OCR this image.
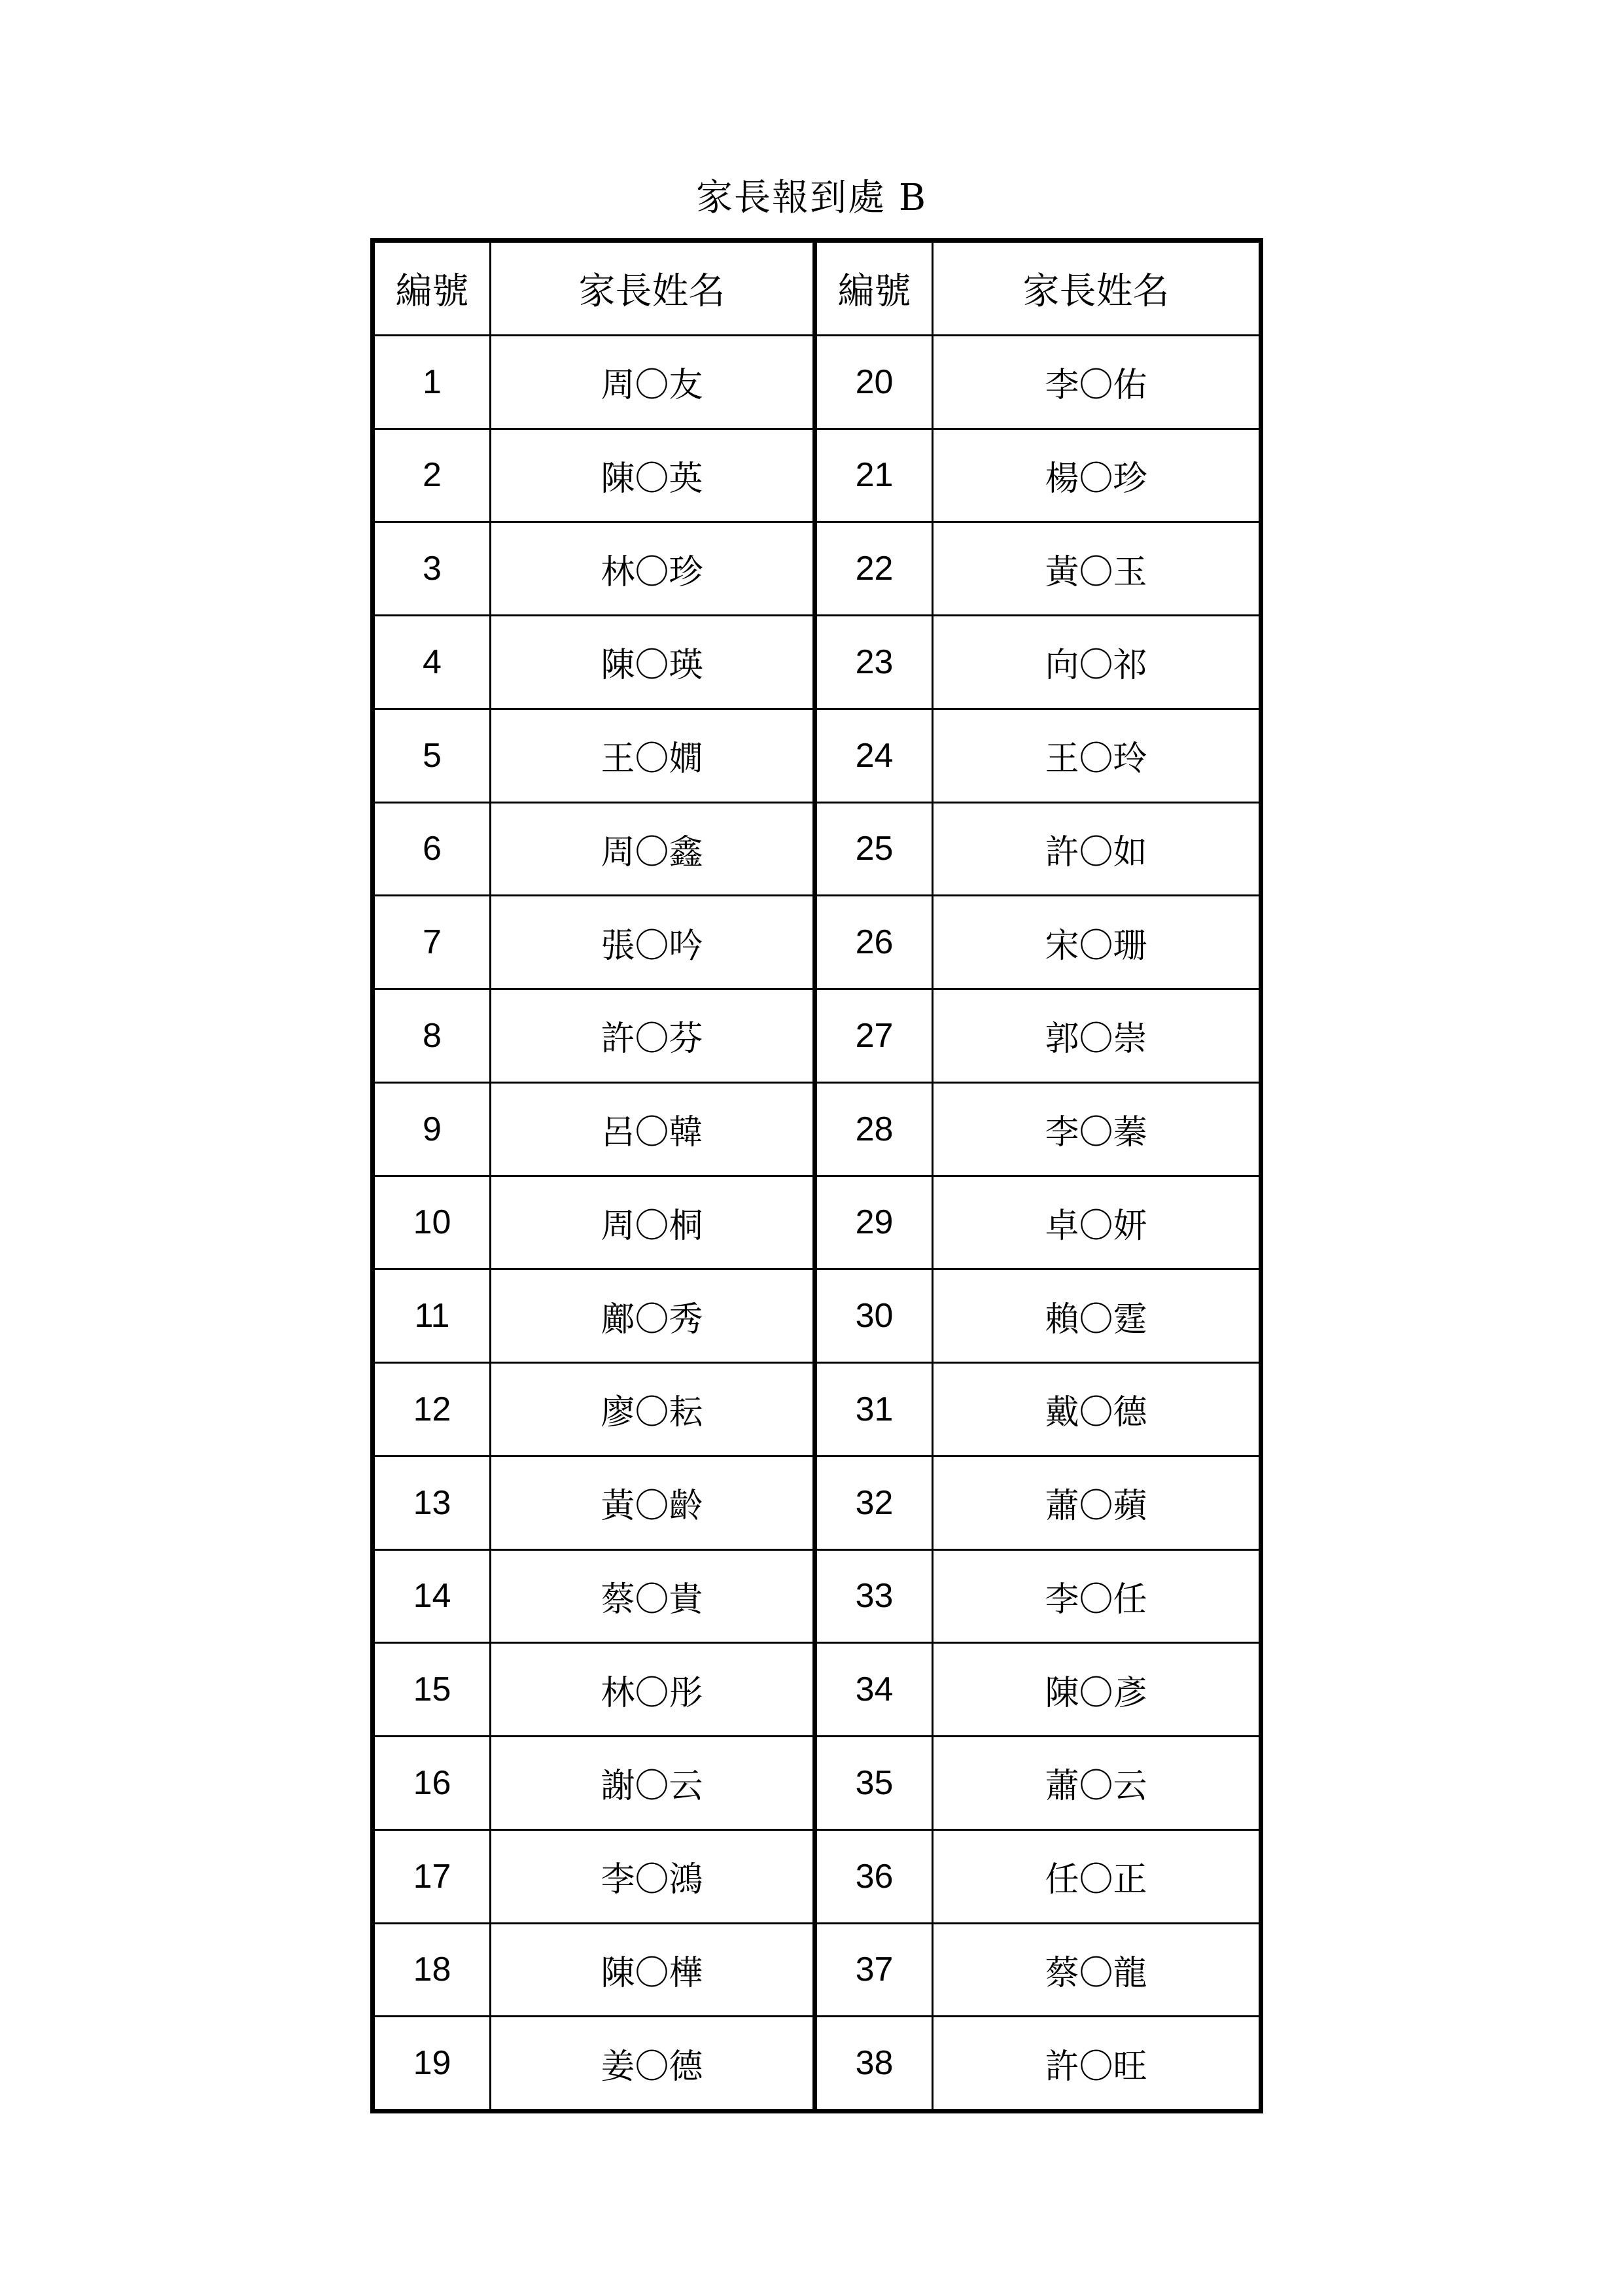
家長報到處 B
編號	家長姓名
1	周〇友
2	陳〇英
3	林〇珍
4	陳〇瑛
5	王〇嫺
6	周〇鑫
7	張〇吟
8	許〇芬
9	呂〇韓
10	周〇桐
11	鄺〇秀
12	廖〇耘
13	黃〇齡
14	蔡〇貴
15	林〇彤
16	謝〇云
17	李〇鴻
18	陳〇樺
19	姜〇德
編號	家長姓名
20	李〇佑
21	楊〇珍
22	黃〇玉
23	向〇祁
24	王〇玲
25	許〇如
26	宋〇珊
27	郭〇崇
28	李〇蓁
29	卓〇妍
30	賴〇霆
31	戴〇德
32	蕭〇蘋
33	李〇任
34	陳〇彥
35	蕭〇云
36	任〇正
37	蔡〇龍
38	許〇旺
